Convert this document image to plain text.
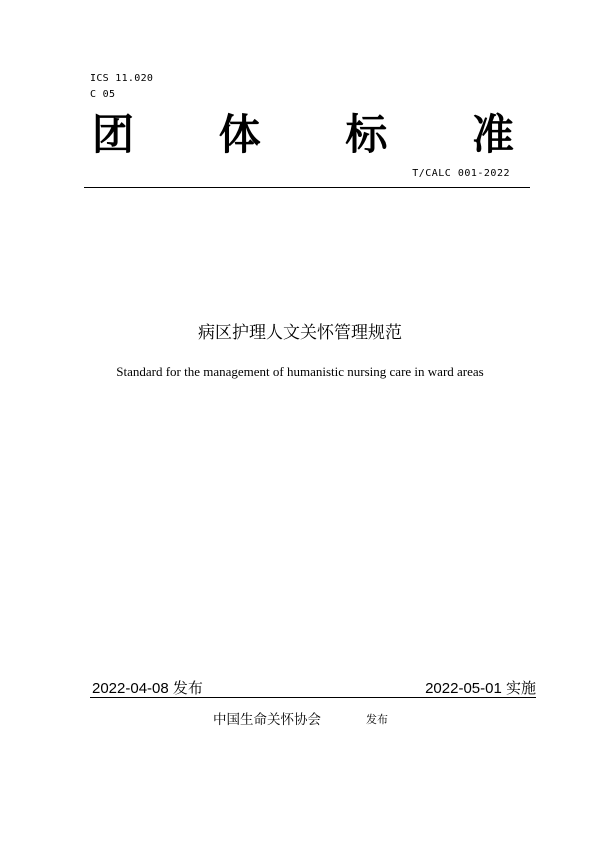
ICS 11.020
C 05
团 体 标 准
T/CALC 001-2022
病区护理人文关怀管理规范
Standard for the management of humanistic nursing care in ward areas
2022-04-08 发布	2022-05-01 实施
中国生命关怀协会	发布
